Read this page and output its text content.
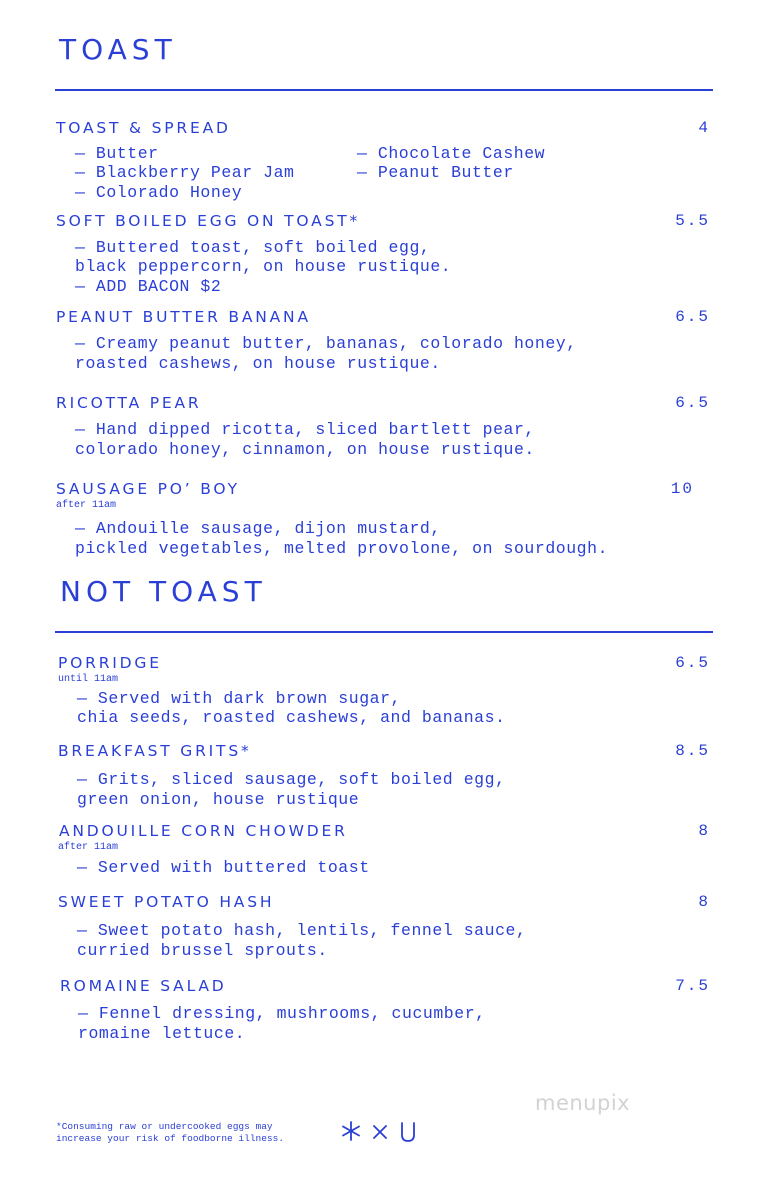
TOAST
TOAST & SPREAD	4
— Butter
— Blackberry Pear Jam
— Colorado Honey
— Chocolate Cashew
— Peanut Butter
SOFT BOILED EGG ON TOAST*	5.5
— Buttered toast, soft boiled egg,
black peppercorn, on house rustique.
— ADD BACON $2
PEANUT BUTTER BANANA	6.5
— Creamy peanut butter, bananas, colorado honey,
roasted cashews, on house rustique.
RICOTTA PEAR	6.5
— Hand dipped ricotta, sliced bartlett pear,
colorado honey, cinnamon, on house rustique.
SAUSAGE PO’ BOY	10
after 11am
— Andouille sausage, dijon mustard,
pickled vegetables, melted provolone, on sourdough.
NOT TOAST
PORRIDGE	6.5
until 11am
— Served with dark brown sugar,
chia seeds, roasted cashews, and bananas.
BREAKFAST GRITS*	8.5
— Grits, sliced sausage, soft boiled egg,
green onion, house rustique
ANDOUILLE CORN CHOWDER	8
after 11am
— Served with buttered toast
SWEET POTATO HASH	8
— Sweet potato hash, lentils, fennel sauce,
curried brussel sprouts.
ROMAINE SALAD	7.5
— Fennel dressing, mushrooms, cucumber,
romaine lettuce.
*Consuming raw or undercooked eggs may
increase your risk of foodborne illness.
menupix
